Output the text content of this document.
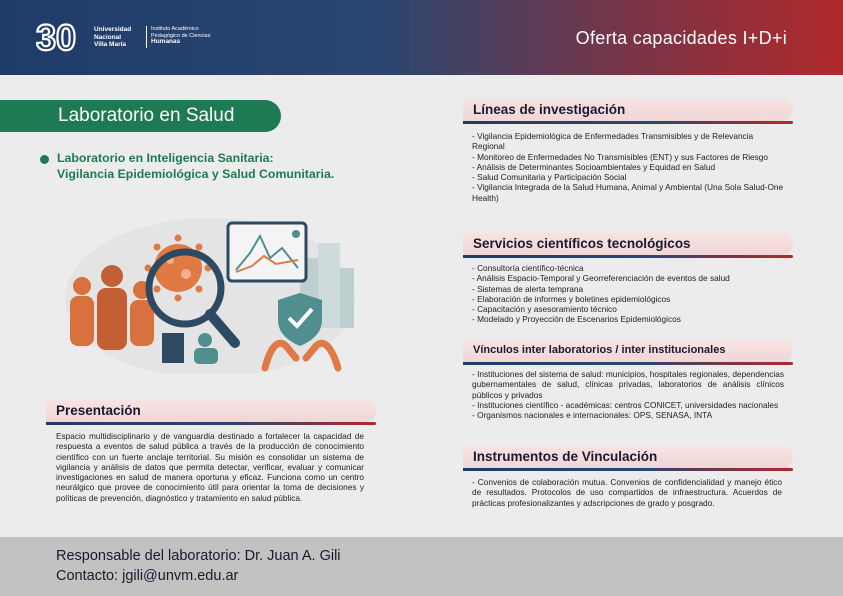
30	Universidad
Nacional
Villa María
Instituto Académico
Pedagógico de Ciencias
Humanas	Oferta capacidades I+D+i
Laboratorio en Salud
Laboratorio en Inteligencia Sanitaria:
Vigilancia Epidemiológica y Salud Comunitaria.
Presentación
Espacio multidisciplinario y de vanguardia destinado a fortalecer la capacidad de respuesta a eventos de salud pública a través de la producción de conocimiento científico con un fuerte anclaje territorial. Su misión es consolidar un sistema de vigilancia y análisis de datos que permita detectar, verificar, evaluar y comunicar investigaciones en salud de manera oportuna y eficaz. Funciona como un centro neurálgico que provee de conocimiento útil para orientar la toma de decisiones y políticas de prevención, diagnóstico y tratamiento en salud pública.
Líneas de investigación
- Vigilancia Epidemiológica de Enfermedades Transmisibles y de Relevancia Regional
- Monitoreo de Enfermedades No Transmisibles (ENT) y sus Factores de Riesgo
- Análisis de Determinantes Socioambientales y Equidad en Salud
- Salud Comunitaria y Participación Social
- Vigilancia Integrada de la Salud Humana, Animal y Ambiental (Una Sola Salud-One Health)
Servicios científicos tecnológicos
- Consultoría científico-técnica
- Análisis Espacio-Temporal y Georreferenciación de eventos de salud
- Sistemas de alerta temprana
- Elaboración de informes y boletines epidemiológicos
- Capacitación y asesoramiento técnico
- Modelado y Proyección de Escenarios Epidemiológicos
Vínculos inter laboratorios / inter institucionales
- Instituciones del sistema de salud: municipios, hospitales regionales, dependencias gubernamentales de salud, clínicas privadas, laboratorios de análisis clínicos públicos y privados
- Instituciones científico - académicas: centros CONICET, universidades nacionales
- Organismos nacionales e internacionales: OPS, SENASA, INTA
Instrumentos de Vinculación
- Convenios de colaboración mutua. Convenios de confidencialidad y manejo ético de resultados. Protocolos de uso compartidos de infraestructura. Acuerdos de prácticas profesionalizantes y adscripciones de grado y posgrado.
Responsable del laboratorio: Dr. Juan A. Gili
Contacto: jgili@unvm.edu.ar
